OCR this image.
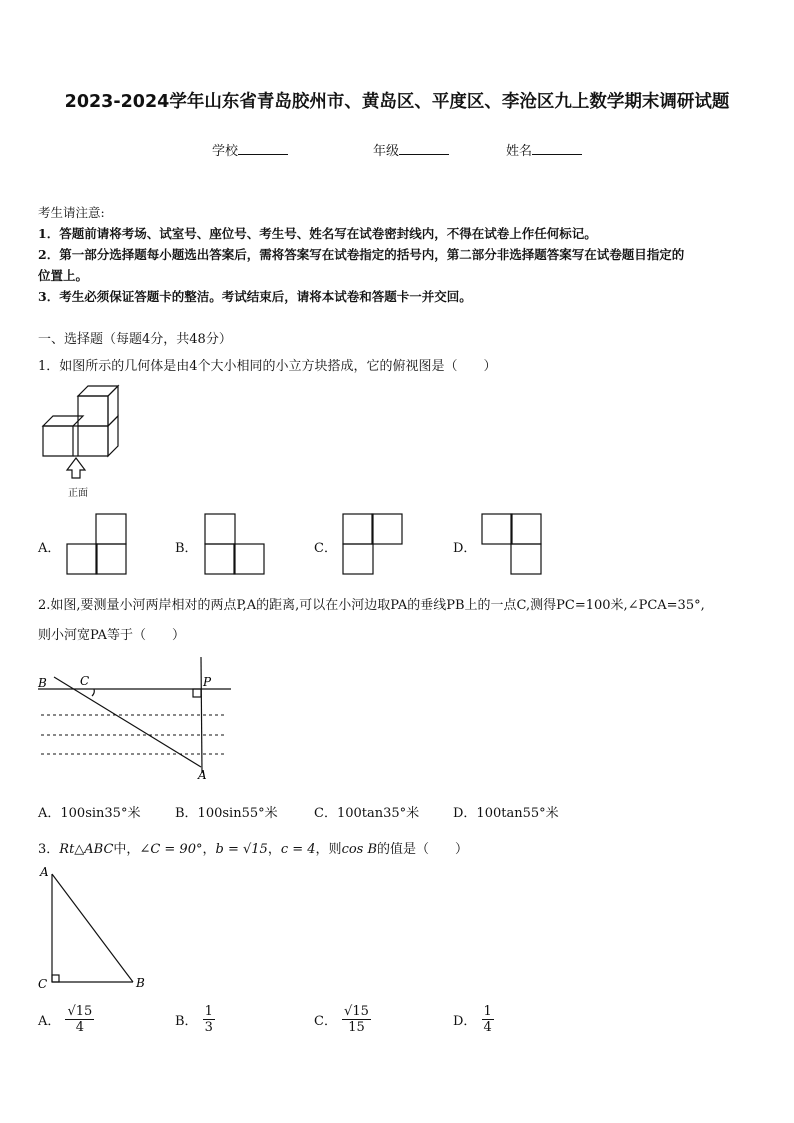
2023-2024学年山东省青岛胶州市、黄岛区、平度区、李沧区九上数学期末调研试题
学校	年级	姓名
考生请注意:
1．答题前请将考场、试室号、座位号、考生号、姓名写在试卷密封线内，不得在试卷上作任何标记。
2．第一部分选择题每小题选出答案后，需将答案写在试卷指定的括号内，第二部分非选择题答案写在试卷题目指定的
位置上。
3．考生必须保证答题卡的整洁。考试结束后，请将本试卷和答题卡一并交回。
一、选择题（每题4分，共48分）
1．如图所示的几何体是由4个大小相同的小立方块搭成，它的俯视图是（　　）
正面
A．	B．	C．	D．
2.如图,要测量小河两岸相对的两点P,A的距离,可以在小河边取PA的垂线PB上的一点C,测得PC=100米,∠PCA=35°,
则小河宽PA等于（　　）
B	C	P
A
A．100sin35°米	B．100sin55°米	C．100tan35°米	D．100tan55°米
3．Rt△ABC中，∠C = 90°，b = √15，c = 4，则cos B的值是（　　）
A
C	B
A． $\frac{√15}{4}$	B． $\frac{1}{3}$	C． $\frac{√15}{15}$	D． $\frac{1}{4}$
